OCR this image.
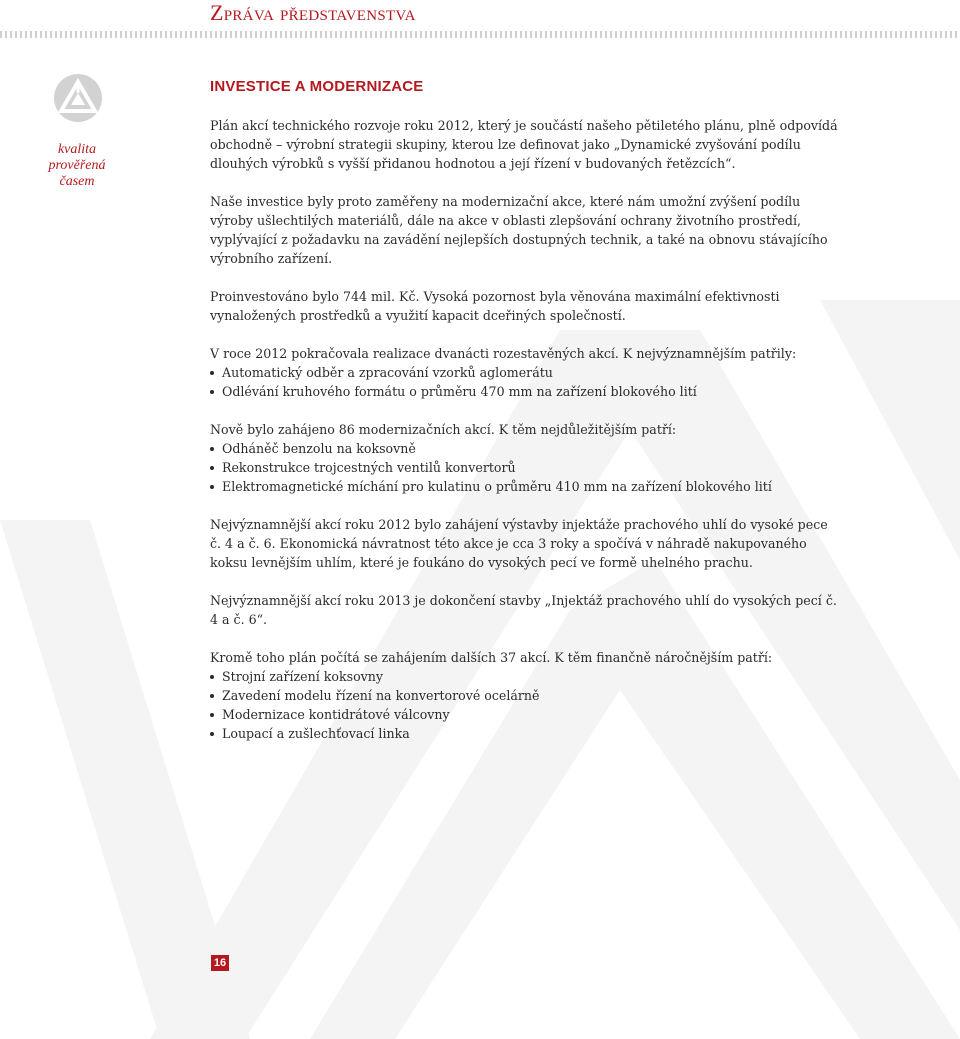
Zpráva představenstva
kvalita
prověřená
časem
INVESTICE A MODERNIZACE

Plán akcí technického rozvoje roku 2012, který je součástí našeho pětiletého plánu, plně odpovídá obchodně – výrobní strategii skupiny, kterou lze definovat jako „Dynamické zvyšování podílu dlouhých výrobků s vyšší přidanou hodnotou a její řízení v budovaných řetězcích“.

Naše investice byly proto zaměřeny na modernizační akce, které nám umožní zvýšení podílu výroby ušlechtilých materiálů, dále na akce v oblasti zlepšování ochrany životního prostředí, vyplývající z požadavku na zavádění nejlepších dostupných technik, a také na obnovu stávajícího výrobního zařízení.

Proinvestováno bylo 744 mil. Kč. Vysoká pozornost byla věnována maximální efektivnosti vynaložených prostředků a využití kapacit dceřiných společností.

V roce 2012 pokračovala realizace dvanácti rozestavěných akcí. K nejvýznamnějším patřily:

Automatický odběr a zpracování vzorků aglomerátu
Odlévání kruhového formátu o průměru 470 mm na zařízení blokového lití

Nově bylo zahájeno 86 modernizačních akcí. K těm nejdůležitějším patří:

Odháněč benzolu na koksovně
Rekonstrukce trojcestných ventilů konvertorů
Elektromagnetické míchání pro kulatinu o průměru 410 mm na zařízení blokového lití

Nejvýznamnější akcí roku 2012 bylo zahájení výstavby injektáže prachového uhlí do vysoké pece č. 4 a č. 6. Ekonomická návratnost této akce je cca 3 roky a spočívá v náhradě nakupovaného koksu levnějším uhlím, které je foukáno do vysokých pecí ve formě uhelného prachu.

Nejvýznamnější akcí roku 2013 je dokončení stavby „Injektáž prachového uhlí do vysokých pecí č. 4 a č. 6“.

Kromě toho plán počítá se zahájením dalších 37 akcí. K těm finančně náročnějším patří:

Strojní zařízení koksovny
Zavedení modelu řízení na konvertorové ocelárně
Modernizace kontidrátové válcovny
Loupací a zušlechťovací linka
16
